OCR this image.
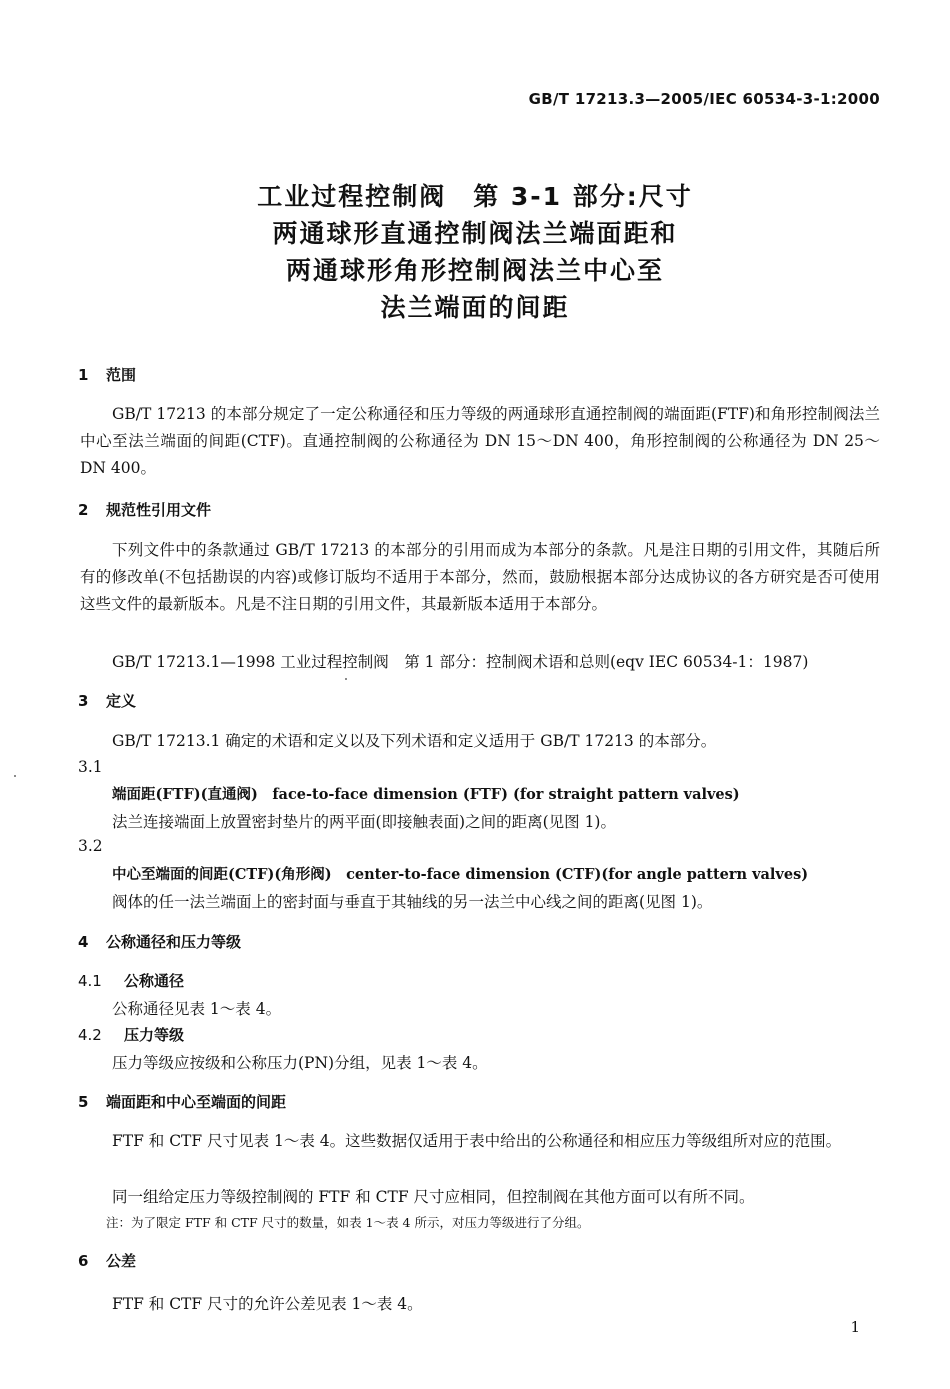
GB/T 17213.3—2005/IEC 60534-3-1:2000
工业过程控制阀　第 3-1 部分:尺寸
两通球形直通控制阀法兰端面距和
两通球形角形控制阀法兰中心至
法兰端面的间距
1 范围
GB/T 17213 的本部分规定了一定公称通径和压力等级的两通球形直通控制阀的端面距(FTF)和角形控制阀法兰中心至法兰端面的间距(CTF)。直通控制阀的公称通径为 DN 15～DN 400，角形控制阀的公称通径为 DN 25～DN 400。
2 规范性引用文件
下列文件中的条款通过 GB/T 17213 的本部分的引用而成为本部分的条款。凡是注日期的引用文件，其随后所有的修改单(不包括勘误的内容)或修订版均不适用于本部分，然而，鼓励根据本部分达成协议的各方研究是否可使用这些文件的最新版本。凡是不注日期的引用文件，其最新版本适用于本部分。
GB/T 17213.1—1998 工业过程控制阀　第 1 部分：控制阀术语和总则(eqv IEC 60534-1：1987)
3 定义
GB/T 17213.1 确定的术语和定义以及下列术语和定义适用于 GB/T 17213 的本部分。
3.1
端面距(FTF)(直通阀)　face-to-face dimension (FTF) (for straight pattern valves)
法兰连接端面上放置密封垫片的两平面(即接触表面)之间的距离(见图 1)。
3.2
中心至端面的间距(CTF)(角形阀)　center-to-face dimension (CTF)(for angle pattern valves)
阀体的任一法兰端面上的密封面与垂直于其轴线的另一法兰中心线之间的距离(见图 1)。
4 公称通径和压力等级
4.1 公称通径
公称通径见表 1～表 4。
4.2 压力等级
压力等级应按级和公称压力(PN)分组，见表 1～表 4。
5 端面距和中心至端面的间距
FTF 和 CTF 尺寸见表 1～表 4。这些数据仅适用于表中给出的公称通径和相应压力等级组所对应的范围。
同一组给定压力等级控制阀的 FTF 和 CTF 尺寸应相同，但控制阀在其他方面可以有所不同。
注：为了限定 FTF 和 CTF 尺寸的数量，如表 1～表 4 所示，对压力等级进行了分组。
6 公差
FTF 和 CTF 尺寸的允许公差见表 1～表 4。
1
